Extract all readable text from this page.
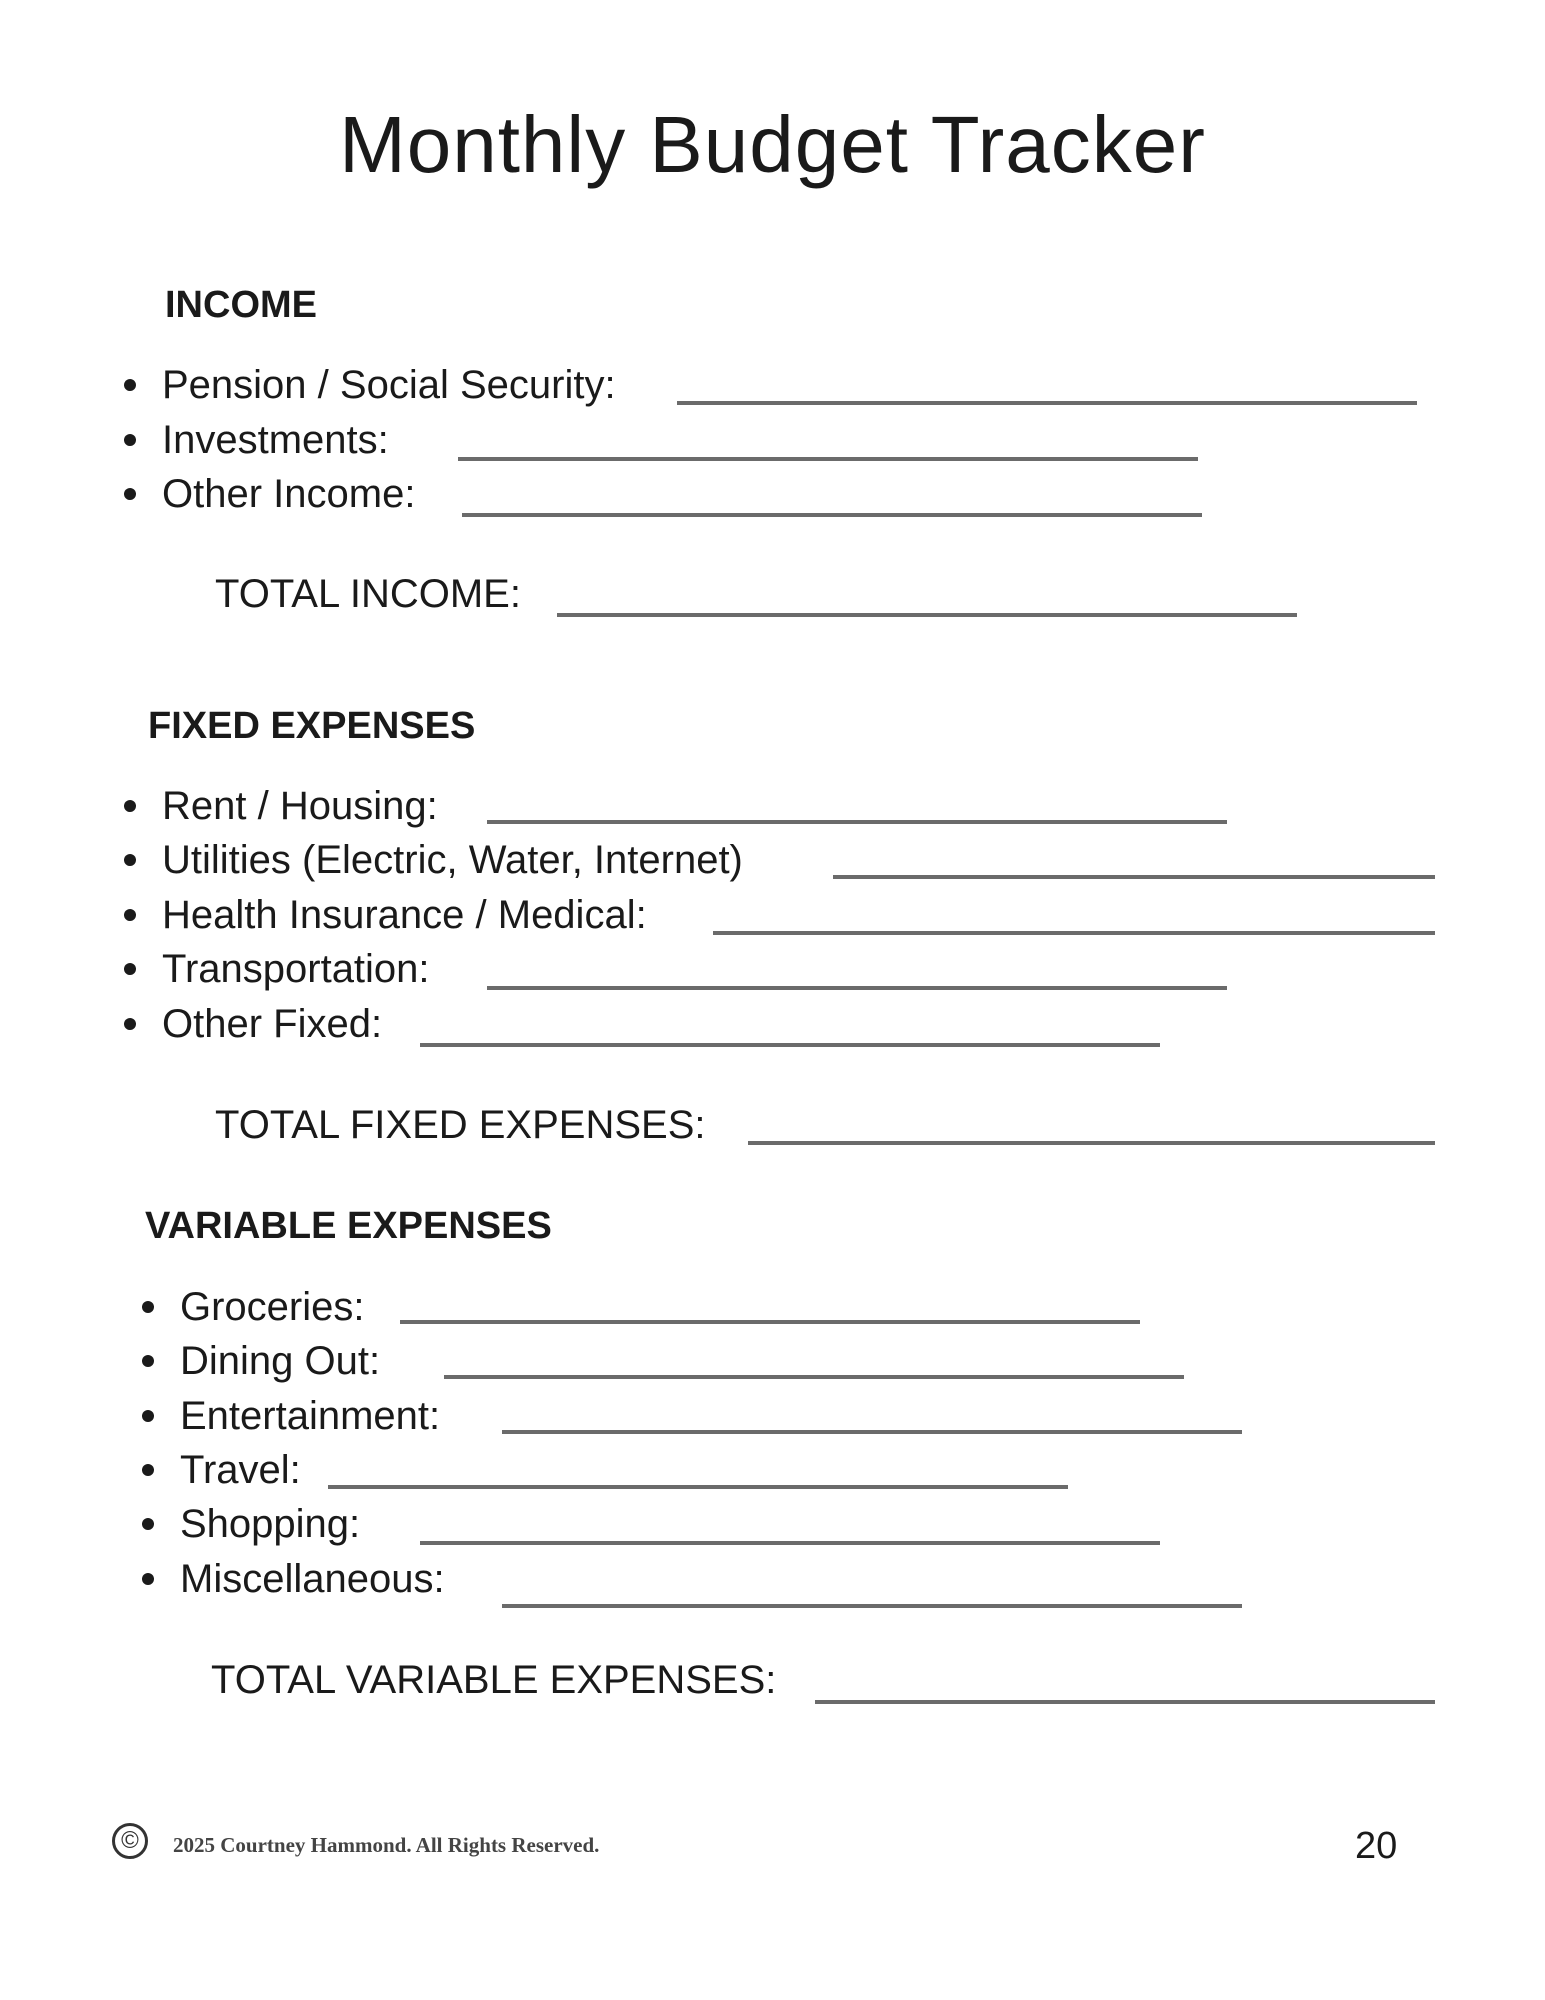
Monthly Budget Tracker
INCOME
Pension / Social Security:
Investments:
Other Income:
TOTAL INCOME:
FIXED EXPENSES
Rent / Housing:
Utilities (Electric, Water, Internet)
Health Insurance / Medical:
Transportation:
Other Fixed:
TOTAL FIXED EXPENSES:
VARIABLE EXPENSES
Groceries:
Dining Out:
Entertainment:
Travel:
Shopping:
Miscellaneous:
TOTAL VARIABLE EXPENSES:
©	2025 Courtney Hammond. All Rights Reserved.	20
